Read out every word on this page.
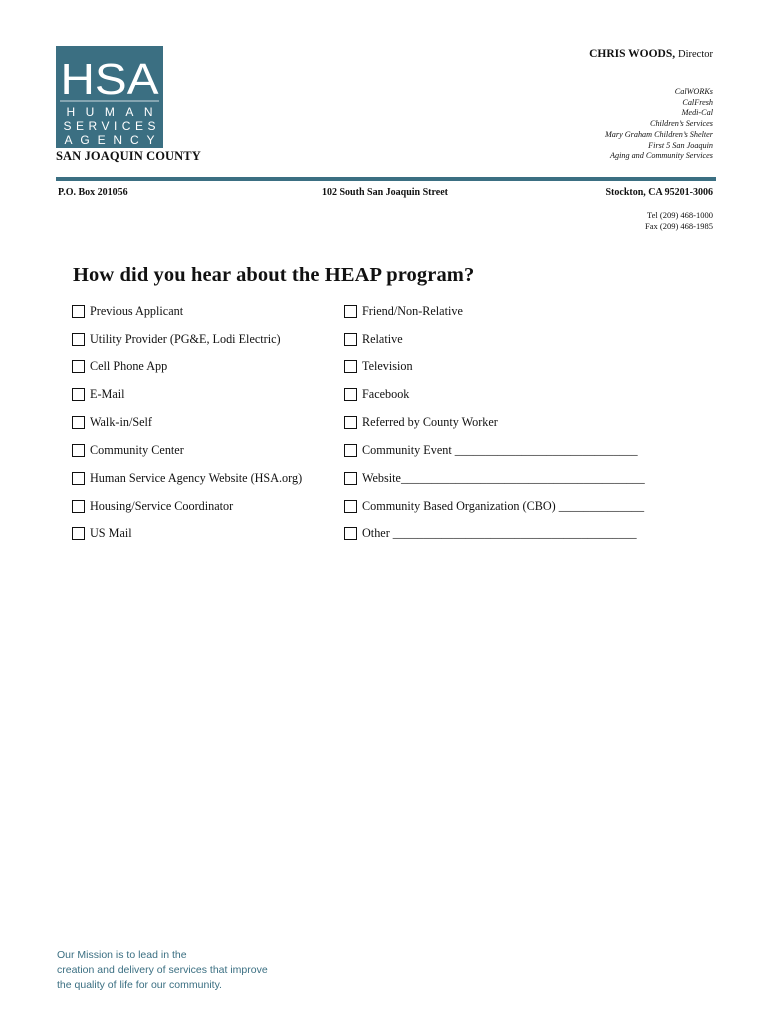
HSA
HUMAN
SERVICES
AGENCY
SAN JOAQUIN COUNTY
CHRIS WOODS, Director
CalWORKs
CalFresh
Medi-Cal
Children’s Services
Mary Graham Children’s Shelter
First 5 San Joaquin
Aging and Community Services
P.O. Box 201056	102 South San Joaquin Street	Stockton, CA 95201-3006
Tel (209) 468-1000
Fax (209) 468-1985
How did you hear about the HEAP program?
Previous Applicant
Utility Provider (PG&E, Lodi Electric)
Cell Phone App
E-Mail
Walk-in/Self
Community Center
Human Service Agency Website (HSA.org)
Housing/Service Coordinator
US Mail
Friend/Non-Relative
Relative
Television
Facebook
Referred by County Worker
Community Event ______________________________
Website________________________________________
Community Based Organization (CBO) ______________
Other ________________________________________
Our Mission is to lead in the
creation and delivery of services that improve
the quality of life for our community.
